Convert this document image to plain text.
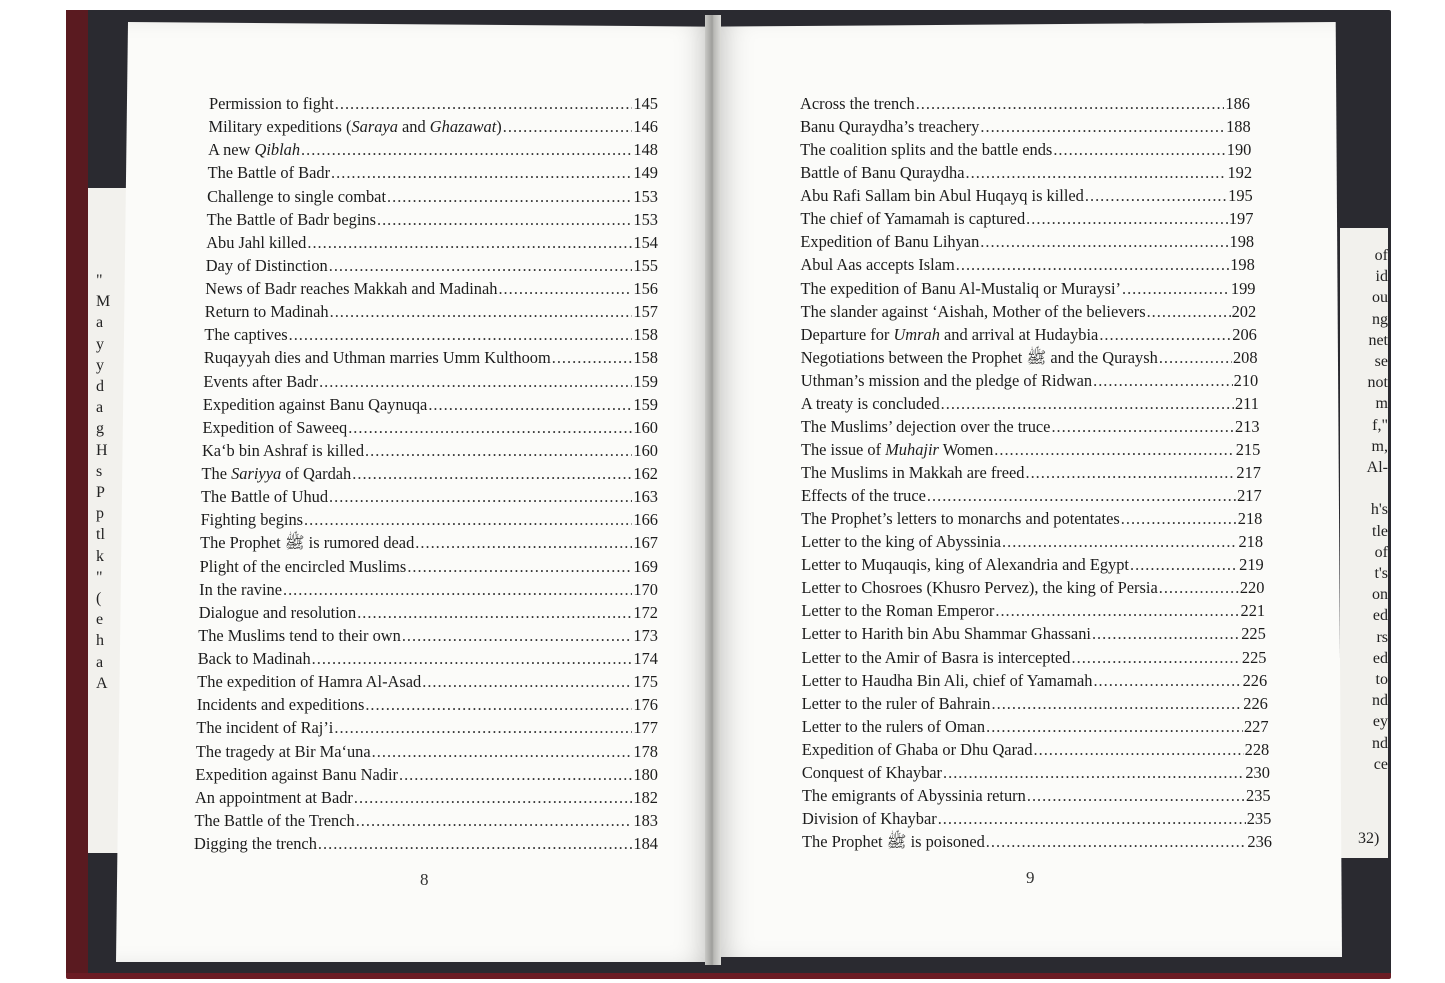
"
M
a
y
y
d
a
g
H
s
P
p
tl
k
"
(
e
h
a
A
of
id
ou
ng
net
se
not
m
f,"
m,
Al-

h's
tle
of
t's
on
ed
rs
ed
to
nd
ey
nd
ce
32)
Permission to fight .....	145
Military expeditions (Saraya and Ghazawat) .....	146
A new Qiblah .....	148
The Battle of Badr .....	149
Challenge to single combat .....	153
The Battle of Badr begins .....	153
Abu Jahl killed .....	154
Day of Distinction .....	155
News of Badr reaches Makkah and Madinah .....	156
Return to Madinah .....	157
The captives .....	158
Ruqayyah dies and Uthman marries Umm Kulthoom .....	158
Events after Badr .....	159
Expedition against Banu Qaynuqa .....	159
Expedition of Saweeq .....	160
Ka‘b bin Ashraf is killed .....	160
The Sariyya of Qardah .....	162
The Battle of Uhud .....	163
Fighting begins .....	166
The Prophet ﷺ is rumored dead .....	167
Plight of the encircled Muslims .....	169
In the ravine .....	170
Dialogue and resolution .....	172
The Muslims tend to their own .....	173
Back to Madinah .....	174
The expedition of Hamra Al-Asad .....	175
Incidents and expeditions .....	176
The incident of Raj’i .....	177
The tragedy at Bir Ma‘una .....	178
Expedition against Banu Nadir .....	180
An appointment at Badr .....	182
The Battle of the Trench .....	183
Digging the trench .....	184
Across the trench .....	186
Banu Quraydha’s treachery .....	188
The coalition splits and the battle ends .....	190
Battle of Banu Quraydha .....	192
Abu Rafi Sallam bin Abul Huqayq is killed .....	195
The chief of Yamamah is captured .....	197
Expedition of Banu Lihyan .....	198
Abul Aas accepts Islam .....	198
The expedition of Banu Al-Mustaliq or Muraysi’ .....	199
The slander against ‘Aishah, Mother of the believers .....	202
Departure for Umrah and arrival at Hudaybia .....	206
Negotiations between the Prophet ﷺ and the Quraysh .....	208
Uthman’s mission and the pledge of Ridwan .....	210
A treaty is concluded .....	211
The Muslims’ dejection over the truce .....	213
The issue of Muhajir Women .....	215
The Muslims in Makkah are freed .....	217
Effects of the truce .....	217
The Prophet’s letters to monarchs and potentates .....	218
Letter to the king of Abyssinia .....	218
Letter to Muqauqis, king of Alexandria and Egypt .....	219
Letter to Chosroes (Khusro Pervez), the king of Persia .....	220
Letter to the Roman Emperor .....	221
Letter to Harith bin Abu Shammar Ghassani .....	225
Letter to the Amir of Basra is intercepted .....	225
Letter to Haudha Bin Ali, chief of Yamamah .....	226
Letter to the ruler of Bahrain .....	226
Letter to the rulers of Oman .....	227
Expedition of Ghaba or Dhu Qarad .....	228
Conquest of Khaybar .....	230
The emigrants of Abyssinia return .....	235
Division of Khaybar .....	235
The Prophet ﷺ is poisoned .....	236
8	9
